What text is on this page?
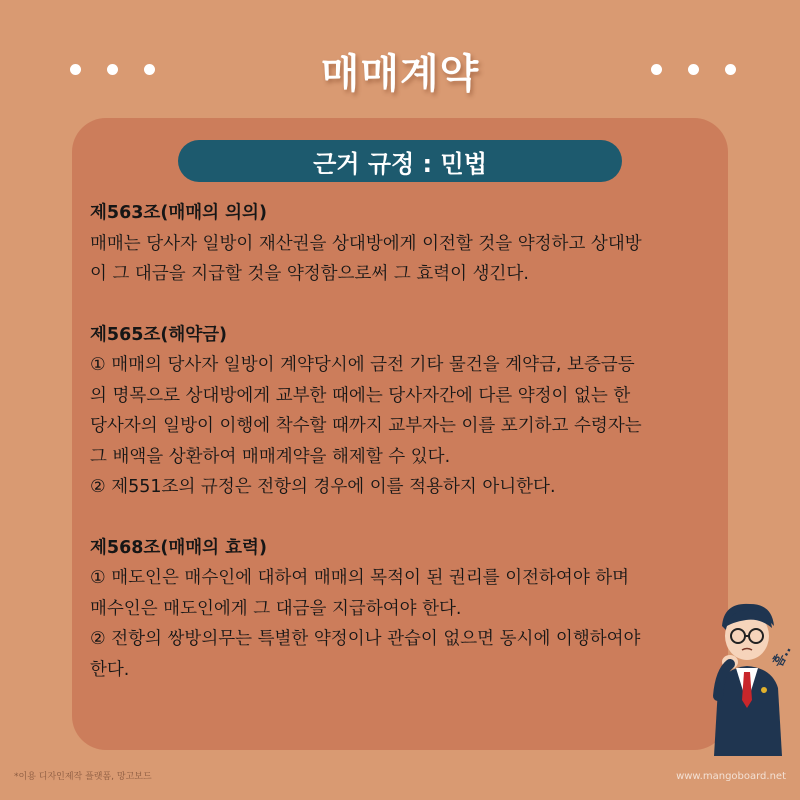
매매계약
근거 규정 : 민법
제563조(매매의 의의)
매매는 당사자 일방이 재산권을 상대방에게 이전할 것을 약정하고 상대방
이 그 대금을 지급할 것을 약정함으로써 그 효력이 생긴다.
제565조(해약금)
① 매매의 당사자 일방이 계약당시에 금전 기타 물건을 계약금, 보증금등
의 명목으로 상대방에게 교부한 때에는 당사자간에 다른 약정이 없는 한
당사자의 일방이 이행에 착수할 때까지 교부자는 이를 포기하고 수령자는
그 배액을 상환하여 매매계약을 해제할 수 있다.
② 제551조의 규정은 전항의 경우에 이를 적용하지 아니한다.
제568조(매매의 효력)
① 매도인은 매수인에 대하여 매매의 목적이 된 권리를 이전하여야 하며
매수인은 매도인에게 그 대금을 지급하여야 한다.
② 전항의 쌍방의무는 특별한 약정이나 관습이 없으면 동시에 이행하여야
한다.	흠..
*이용 디자인제작 플랫폼, 망고보드	www.mangoboard.net
